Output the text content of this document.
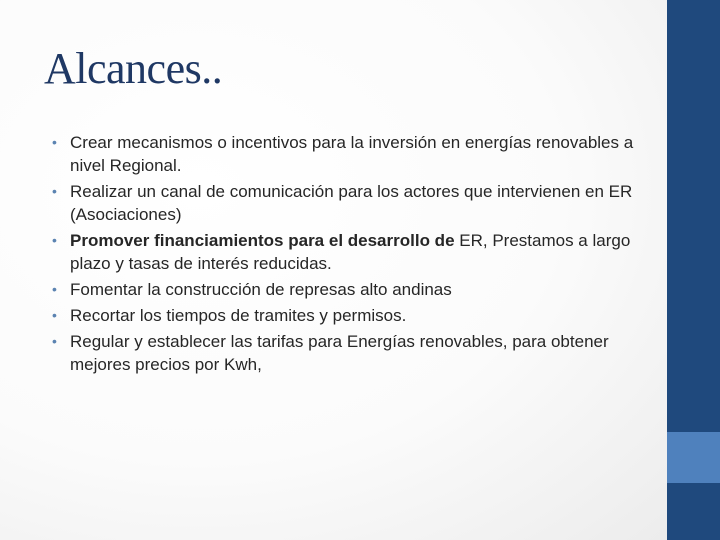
Alcances..
• Crear mecanismos o incentivos para la inversión en energías renovables a nivel Regional.
• Realizar un canal de comunicación para los actores que intervienen en ER (Asociaciones)
• Promover financiamientos para el desarrollo de ER, Prestamos a largo plazo y tasas de interés reducidas.
• Fomentar la construcción de represas alto andinas
• Recortar los tiempos de tramites y permisos.
• Regular y establecer las tarifas para Energías renovables, para obtener mejores precios por Kwh,
